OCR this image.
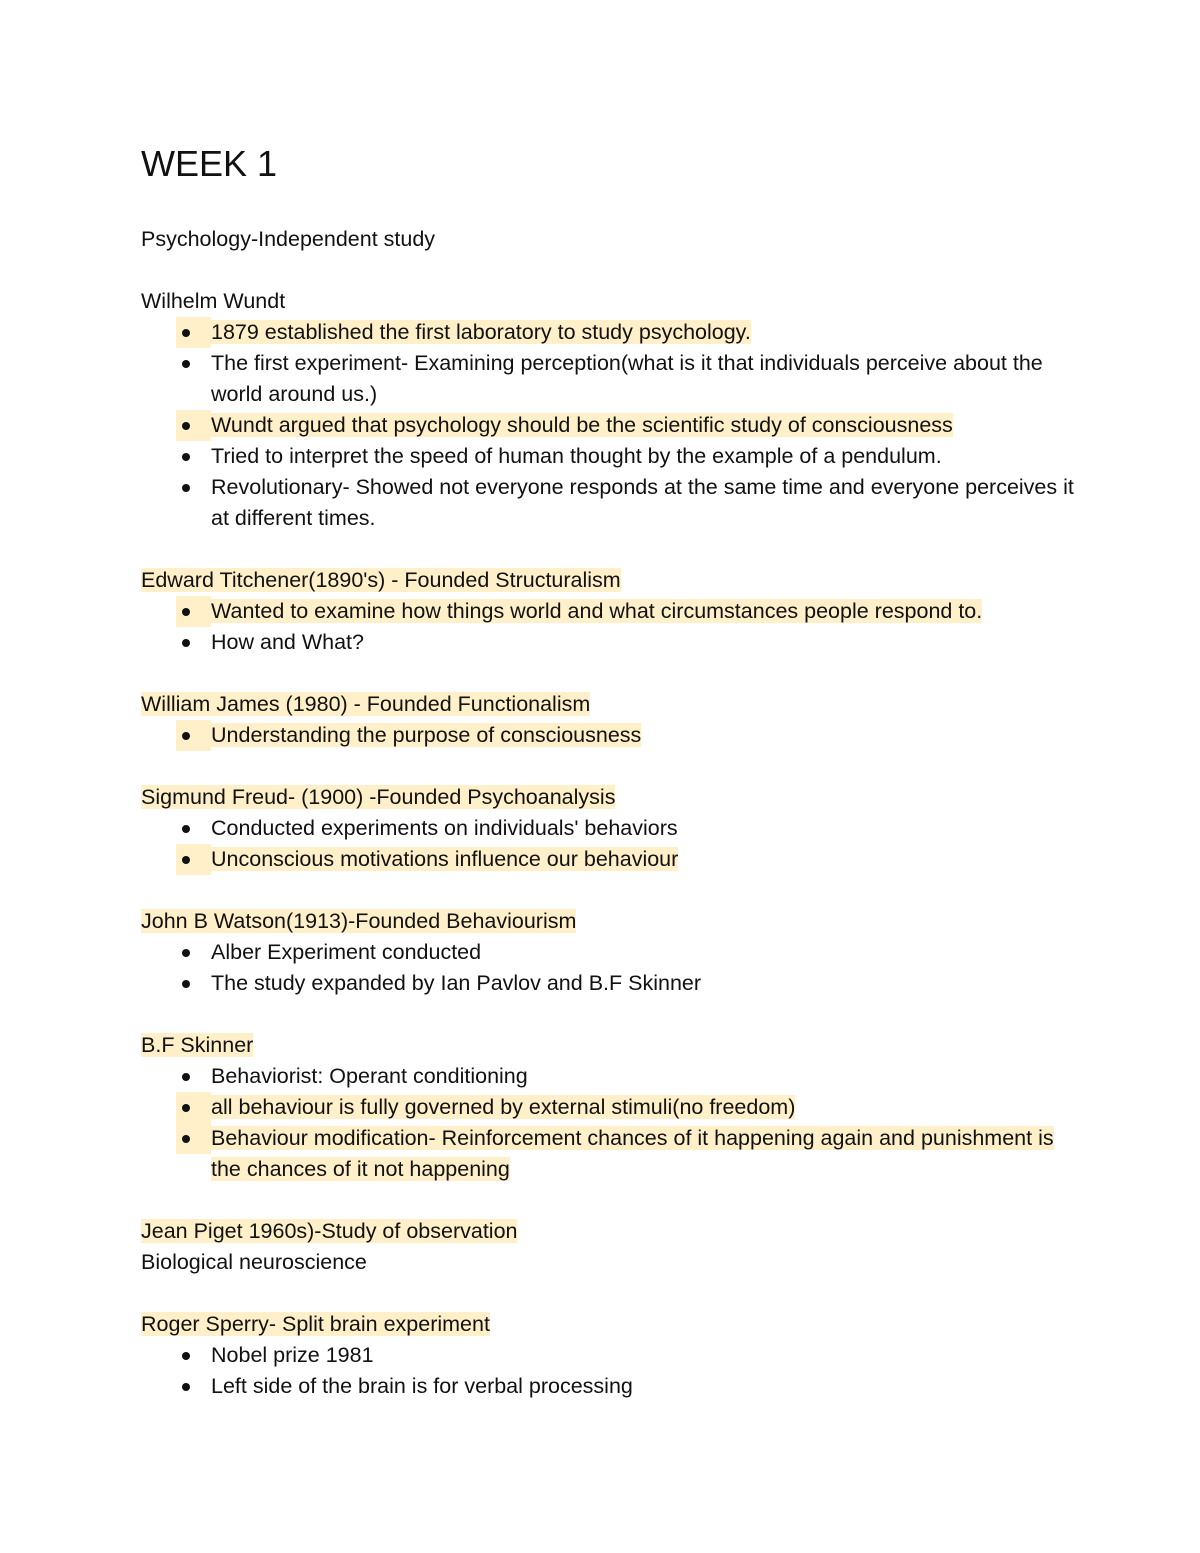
WEEK 1
Psychology-Independent study
Wilhelm Wundt
1879 established the first laboratory to study psychology.
The first experiment- Examining perception(what is it that individuals perceive about the world around us.)
Wundt argued that psychology should be the scientific study of consciousness
Tried to interpret the speed of human thought by the example of a pendulum.
Revolutionary- Showed not everyone responds at the same time and everyone perceives it at different times.
Edward Titchener(1890's) - Founded Structuralism
Wanted to examine how things world and what circumstances people respond to.
How and What?
William James (1980) - Founded Functionalism
Understanding the purpose of consciousness
Sigmund Freud- (1900) -Founded Psychoanalysis
Conducted experiments on individuals' behaviors
Unconscious motivations influence our behaviour
John B Watson(1913)-Founded Behaviourism
Alber Experiment conducted
The study expanded by Ian Pavlov and B.F Skinner
B.F Skinner
Behaviorist: Operant conditioning
all behaviour is fully governed by external stimuli(no freedom)
Behaviour modification- Reinforcement chances of it happening again and punishment is the chances of it not happening
Jean Piget 1960s)-Study of observation
Biological neuroscience
Roger Sperry- Split brain experiment
Nobel prize 1981
Left side of the brain is for verbal processing
